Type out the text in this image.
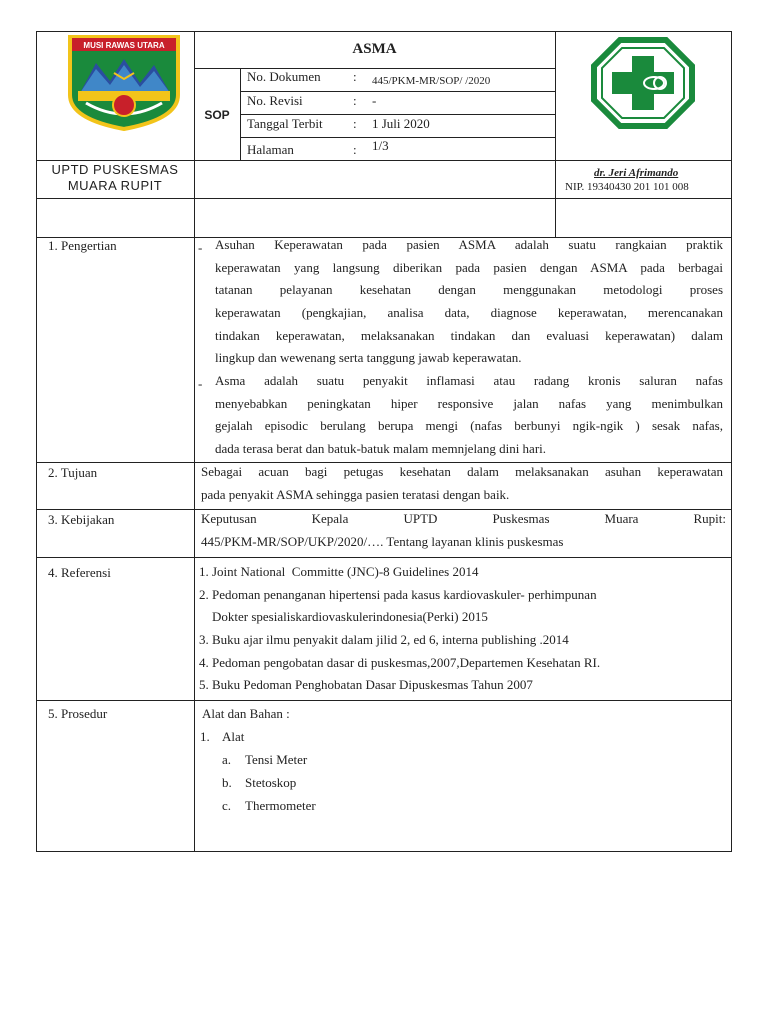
MUSI RAWAS UTARA	ASMA
SOP
No. Dokumen : 445/PKM-MR/SOP/ /2020
No. Revisi	: -
Tanggal Terbit : 1 Juli 2020
Halaman	: 1/3
UPTD PUSKESMAS
MUARA RUPIT
dr. Jeri Afrimando
NIP. 19340430 201 101 008
1. Pengertian	- Asuhan Keperawatan pada pasien ASMA adalah suatu rangkaian praktik
keperawatan yang langsung diberikan pada pasien dengan ASMA pada berbagai
tatanan pelayanan kesehatan dengan menggunakan metodologi proses
keperawatan (pengkajian, analisa data, diagnose keperawatan, merencanakan
tindakan keperawatan, melaksanakan tindakan dan evaluasi keperawatan) dalam
lingkup dan wewenang serta tanggung jawab keperawatan.
- Asma adalah suatu penyakit inflamasi atau radang kronis saluran nafas
menyebabkan peningkatan hiper responsive jalan nafas yang menimbulkan
gejalah episodic berulang berupa mengi (nafas berbunyi ngik-ngik ) sesak nafas,
dada terasa berat dan batuk-batuk malam memnjelang dini hari.
2. Tujuan	Sebagai acuan bagi petugas kesehatan dalam melaksanakan asuhan keperawatan
pada penyakit ASMA sehingga pasien teratasi dengan baik.
3. Kebijakan	Keputusan Kepala UPTD Puskesmas Muara Rupit:
445/PKM-MR/SOP/UKP/2020/…. Tentang layanan klinis puskesmas
4. Referensi	1. Joint National  Committe (JNC)-8 Guidelines 2014
2. Pedoman penanganan hipertensi pada kasus kardiovaskuler- perhimpunan
Dokter spesialiskardiovaskulerindonesia(Perki) 2015
3. Buku ajar ilmu penyakit dalam jilid 2, ed 6, interna publishing .2014
4. Pedoman pengobatan dasar di puskesmas,2007,Departemen Kesehatan RI.
5. Buku Pedoman Penghobatan Dasar Dipuskesmas Tahun 2007
5. Prosedur	Alat dan Bahan :
1. Alat
a. Tensi Meter
b. Stetoskop
c. Thermometer
